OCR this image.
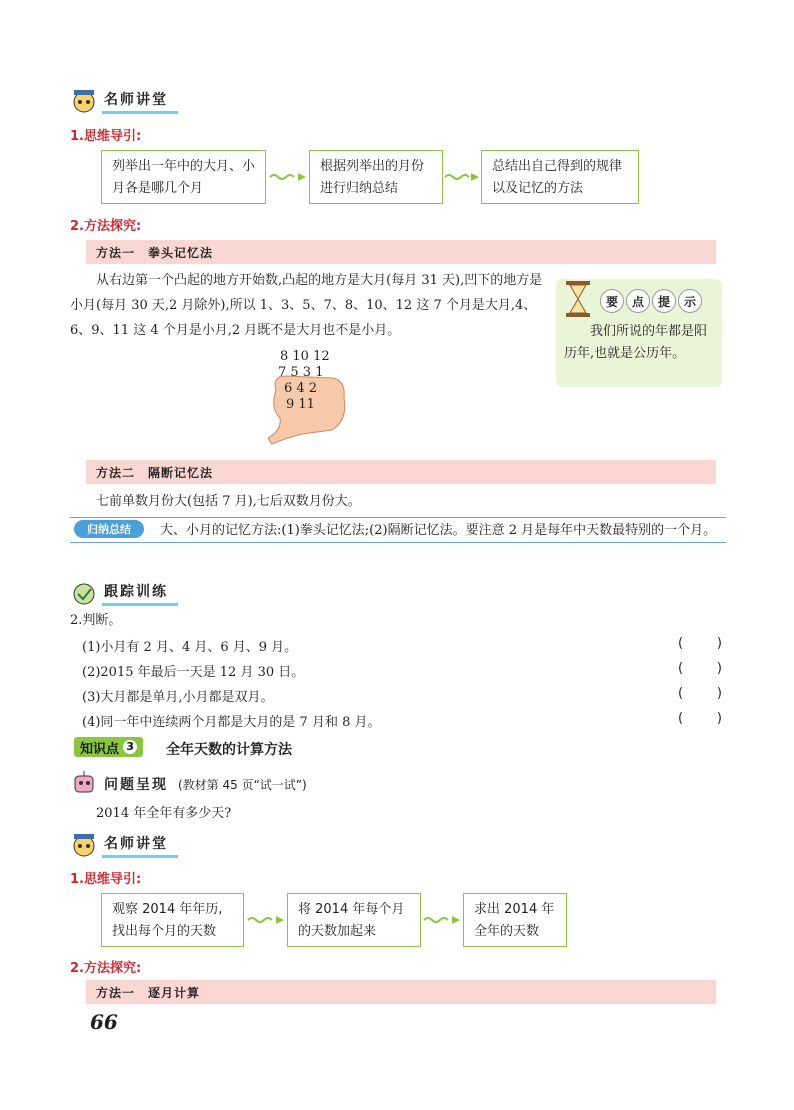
名师讲堂
1.思维导引:
列举出一年中的大月、小月各是哪几个月
根据列举出的月份进行归纳总结
总结出自己得到的规律以及记忆的方法
2.方法探究:
方法一　拳头记忆法
从右边第一个凸起的地方开始数,凸起的地方是大月(每月 31 天),凹下的地方是小月(每月 30 天,2 月除外),所以 1、3、5、7、8、10、12 这 7 个月是大月,4、6、9、11 这 4 个月是小月,2 月既不是大月也不是小月。
要	点	提	示
我们所说的年都是阳历年,也就是公历年。
8 10 12
7 5 3 1
6 4 2
9 11
方法二　隔断记忆法
七前单数月份大(包括 7 月),七后双数月份大。
归纳总结	大、小月的记忆方法:(1)拳头记忆法;(2)隔断记忆法。要注意 2 月是每年中天数最特别的一个月。
跟踪训练
2.判断。
(1)小月有 2 月、4 月、6 月、9 月。	(	)
(2)2015 年最后一天是 12 月 30 日。	(	)
(3)大月都是单月,小月都是双月。	(	)
(4)同一年中连续两个月都是大月的是 7 月和 8 月。	(	)
知识点 3 全年天数的计算方法
问题呈现 (教材第 45 页“试一试”)
2014 年全年有多少天?
名师讲堂
1.思维导引:
观察 2014 年年历,找出每个月的天数
将 2014 年每个月的天数加起来
求出 2014 年全年的天数
2.方法探究:
方法一　逐月计算
66
